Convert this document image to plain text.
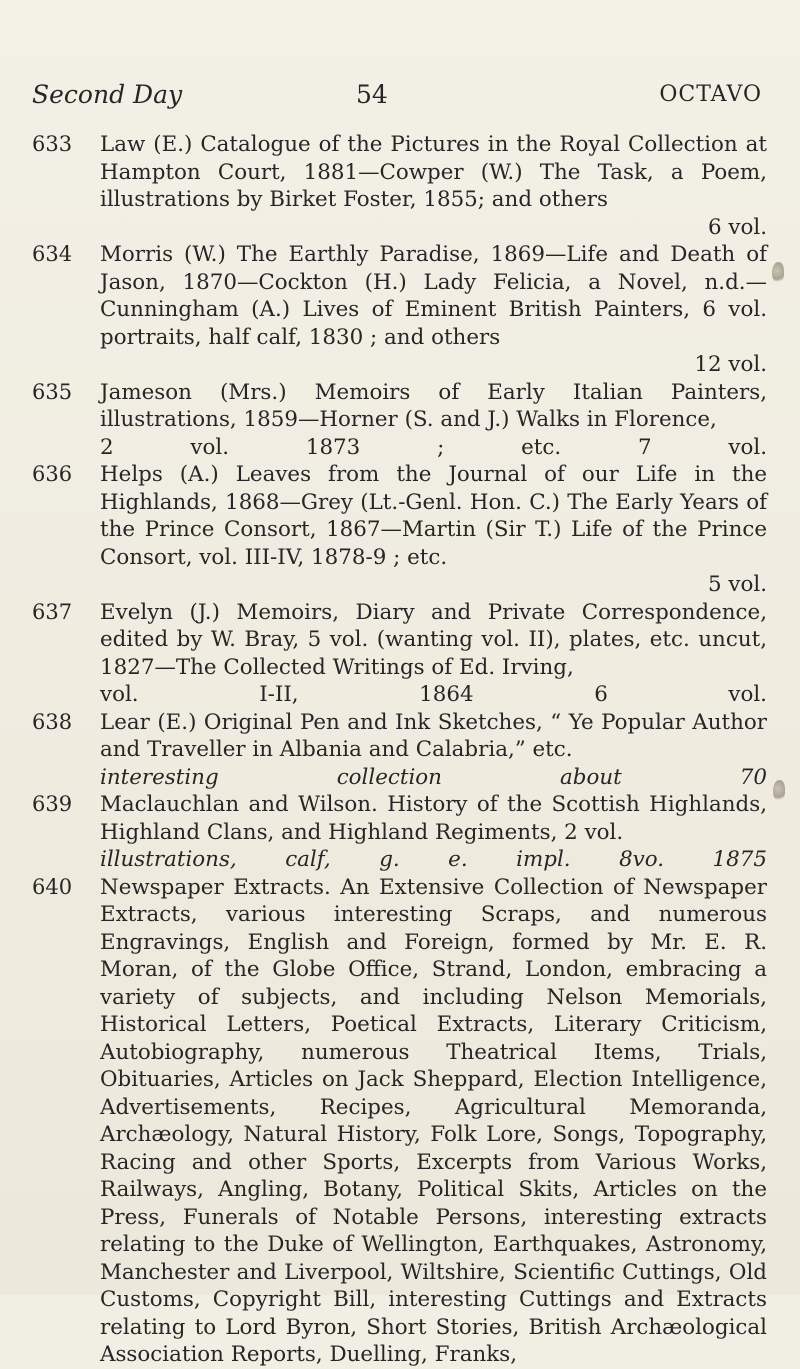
Second Day	54	OCTAVO
633 Law (E.) Catalogue of the Pictures in the Royal Collection at Hampton Court, 1881—Cowper (W.) The Task, a Poem, illustrations by Birket Foster, 1855; and others
6 vol.
634 Morris (W.) The Earthly Paradise, 1869—Life and Death of Jason, 1870—Cockton (H.) Lady Felicia, a Novel, n.d.—Cunningham (A.) Lives of Eminent British Painters, 6 vol. portraits, half calf, 1830 ; and others
12 vol.
635 Jameson (Mrs.) Memoirs of Early Italian Painters, illustrations, 1859—Horner (S. and J.) Walks in Florence,
2 vol. 1873 ; etc.	7 vol.
636 Helps (A.) Leaves from the Journal of our Life in the Highlands, 1868—Grey (Lt.-Genl. Hon. C.) The Early Years of the Prince Consort, 1867—Martin (Sir T.) Life of the Prince Consort, vol. III-IV, 1878-9 ; etc.
5 vol.
637 Evelyn (J.) Memoirs, Diary and Private Correspondence, edited by W. Bray, 5 vol. (wanting vol. II), plates, etc. uncut, 1827—The Collected Writings of Ed. Irving,
vol. I-II, 1864	6 vol.
638 Lear (E.) Original Pen and Ink Sketches, “ Ye Popular Author and Traveller in Albania and Calabria,” etc.
interesting collection	about 70
639 Maclauchlan and Wilson. History of the Scottish Highlands, Highland Clans, and Highland Regiments, 2 vol.
illustrations, calf, g. e. impl. 8vo. 1875
640 Newspaper Extracts. An Extensive Collection of Newspaper Extracts, various interesting Scraps, and numerous Engravings, English and Foreign, formed by Mr. E. R. Moran, of the Globe Office, Strand, London, embracing a variety of subjects, and including Nelson Memorials, Historical Letters, Poetical Extracts, Literary Criticism, Autobiography, numerous Theatrical Items, Trials, Obituaries, Articles on Jack Sheppard, Election Intelligence, Advertisements, Recipes, Agricultural Memoranda, Archæology, Natural History, Folk Lore, Songs, Topography, Racing and other Sports, Excerpts from Various Works, Railways, Angling, Botany, Political Skits, Articles on the Press, Funerals of Notable Persons, interesting extracts relating to the Duke of Wellington, Earthquakes, Astronomy, Manchester and Liverpool, Wiltshire, Scientific Cuttings, Old Customs, Copyright Bill, interesting Cuttings and Extracts relating to Lord Byron, Short Stories, British Archæological Association Reports, Duelling, Franks,
